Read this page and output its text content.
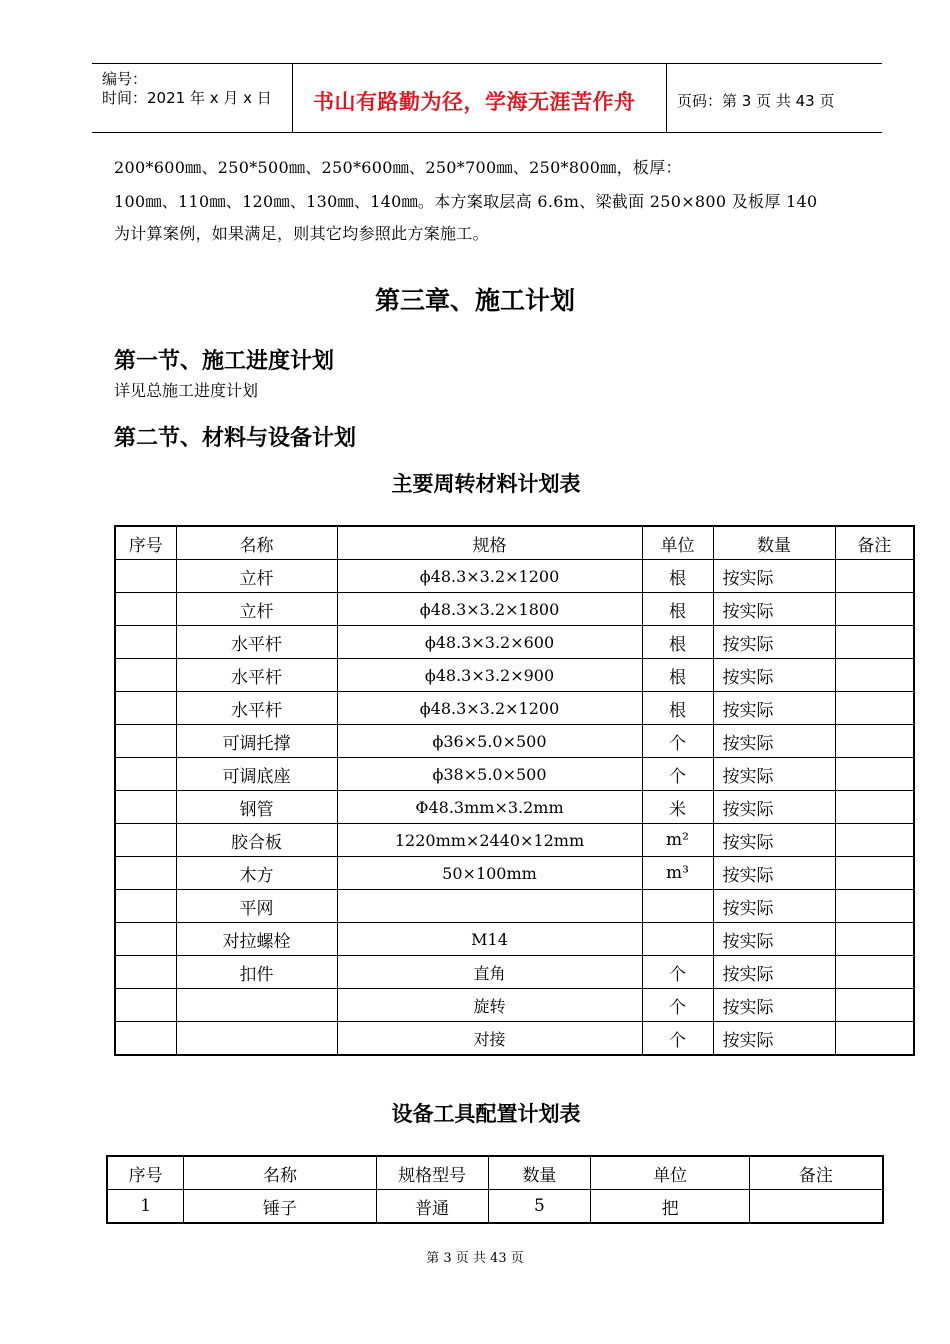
编号：
时间：2021 年 x 月 x 日 书山有路勤为径，学海无涯苦作舟	页码：第 3 页 共 43 页
200*600㎜、250*500㎜、250*600㎜、250*700㎜、250*800㎜，板厚：
100㎜、110㎜、120㎜、130㎜、140㎜。本方案取层高 6.6m、梁截面 250×800 及板厚 140
为计算案例，如果满足，则其它均参照此方案施工。
第三章、施工计划
第一节、施工进度计划
详见总施工进度计划
第二节、材料与设备计划
主要周转材料计划表
序号	名称	规格	单位	数量	备注
	立杆	ϕ48.3×3.2×1200	根	按实际	
	立杆	ϕ48.3×3.2×1800	根	按实际	
	水平杆	ϕ48.3×3.2×600	根	按实际	
	水平杆	ϕ48.3×3.2×900	根	按实际	
	水平杆	ϕ48.3×3.2×1200	根	按实际	
	可调托撑	ϕ36×5.0×500	个	按实际	
	可调底座	ϕ38×5.0×500	个	按实际	
	钢管	Φ48.3mm×3.2mm	米	按实际	
	胶合板	1220mm×2440×12mm	m²	按实际	
	木方	50×100mm	m³	按实际	
	平网			按实际	
	对拉螺栓	M14		按实际	
	扣件	直角	个	按实际	
		旋转	个	按实际	
		对接	个	按实际	
设备工具配置计划表
序号	名称	规格型号	数量	单位	备注
1	锤子	普通	5	把	
第 3 页 共 43 页
